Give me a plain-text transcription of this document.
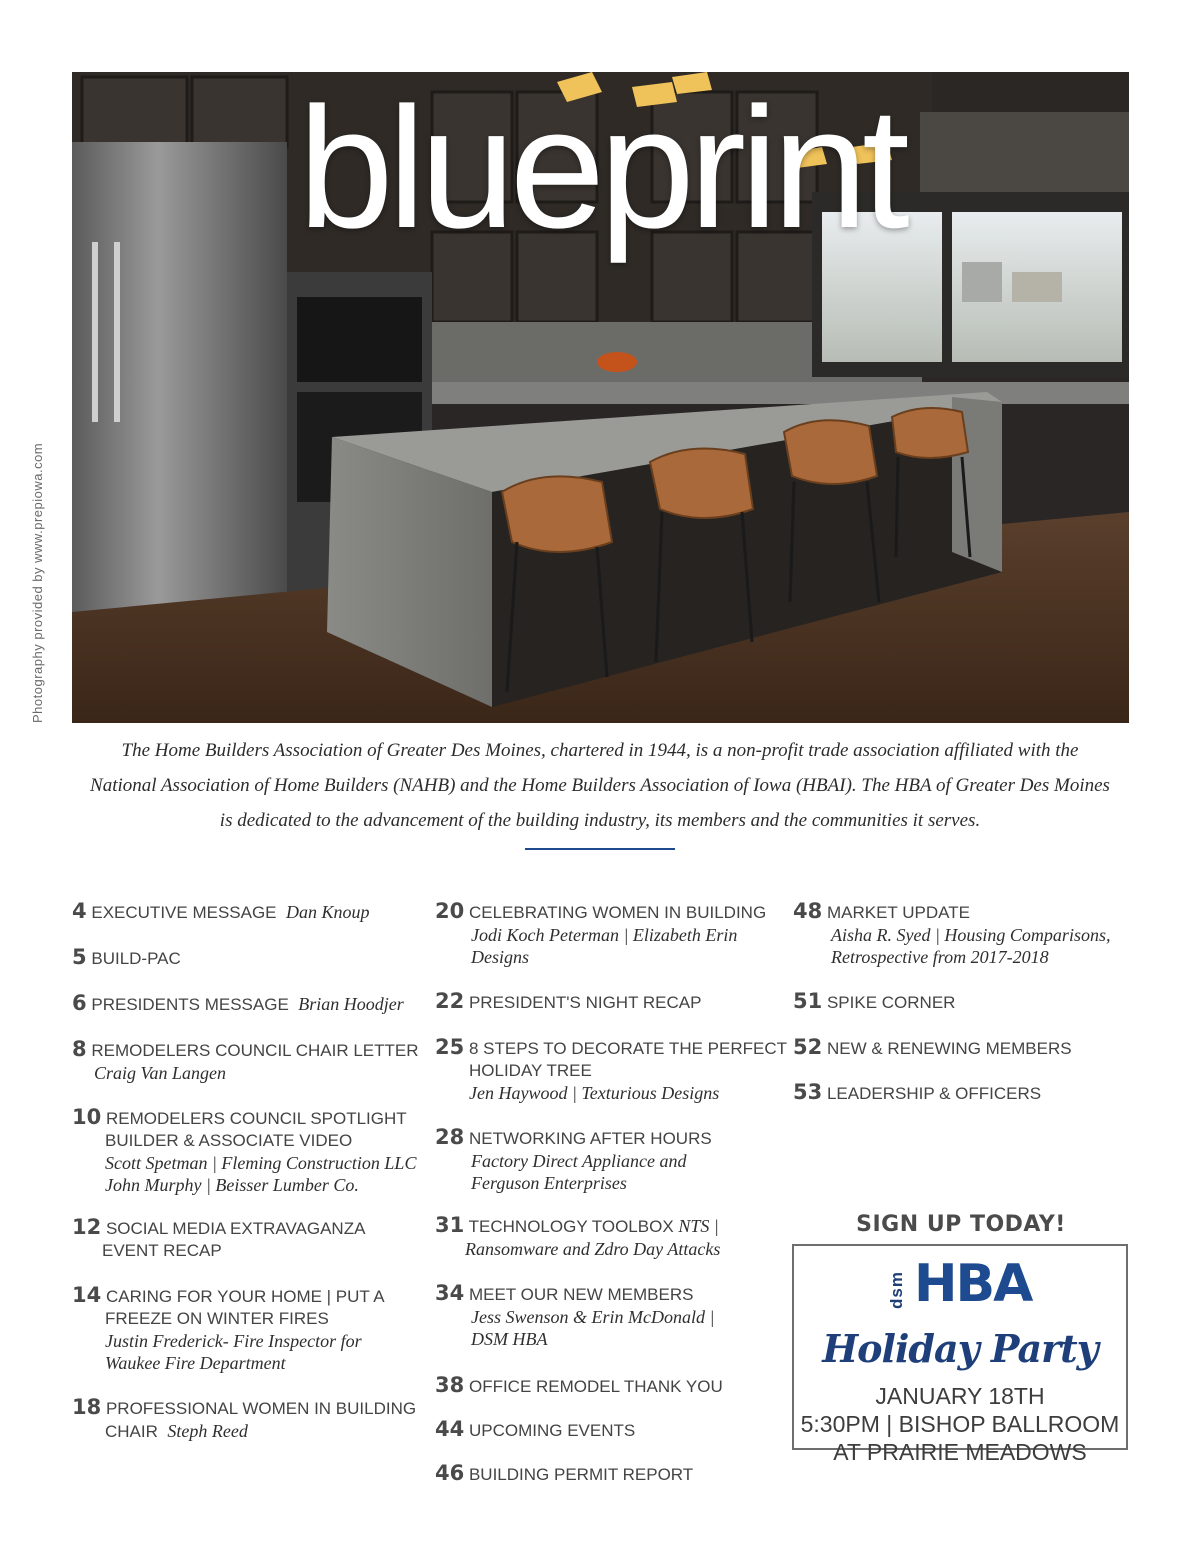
blueprint
Photography provided by www.prepiowa.com
The Home Builders Association of Greater Des Moines, chartered in 1944, is a non-profit trade association affiliated with the
National Association of Home Builders (NAHB) and the Home Builders Association of Iowa (HBAI). The HBA of Greater Des Moines
is dedicated to the advancement of the building industry, its members and the communities it serves.
4 EXECUTIVE MESSAGE Dan Knoup
5 BUILD-PAC
6 PRESIDENTS MESSAGE Brian Hoodjer
8 REMODELERS COUNCIL CHAIR LETTER
Craig Van Langen
10 REMODELERS COUNCIL SPOTLIGHT
BUILDER & ASSOCIATE VIDEO
Scott Spetman | Fleming Construction LLC
John Murphy | Beisser Lumber Co.
12 SOCIAL MEDIA EXTRAVAGANZA
EVENT RECAP
14 CARING FOR YOUR HOME | PUT A
FREEZE ON WINTER FIRES
Justin Frederick- Fire Inspector for
Waukee Fire Department
18 PROFESSIONAL WOMEN IN BUILDING
CHAIR Steph Reed
20 CELEBRATING WOMEN IN BUILDING
Jodi Koch Peterman | Elizabeth Erin
Designs
22 PRESIDENT'S NIGHT RECAP
25 8 STEPS TO DECORATE THE PERFECT
HOLIDAY TREE
Jen Haywood | Texturious Designs
28 NETWORKING AFTER HOURS
Factory Direct Appliance and
Ferguson Enterprises
31 TECHNOLOGY TOOLBOX NTS |
Ransomware and Zdro Day Attacks
34 MEET OUR NEW MEMBERS
Jess Swenson & Erin McDonald |
DSM HBA
38 OFFICE REMODEL THANK YOU
44 UPCOMING EVENTS
46 BUILDING PERMIT REPORT
48 MARKET UPDATE
Aisha R. Syed | Housing Comparisons,
Retrospective from 2017-2018
51 SPIKE CORNER
52 NEW & RENEWING MEMBERS
53 LEADERSHIP & OFFICERS
SIGN UP TODAY!
dsm HBA
Holiday Party
JANUARY 18TH
5:30PM | BISHOP BALLROOM
AT PRAIRIE MEADOWS
